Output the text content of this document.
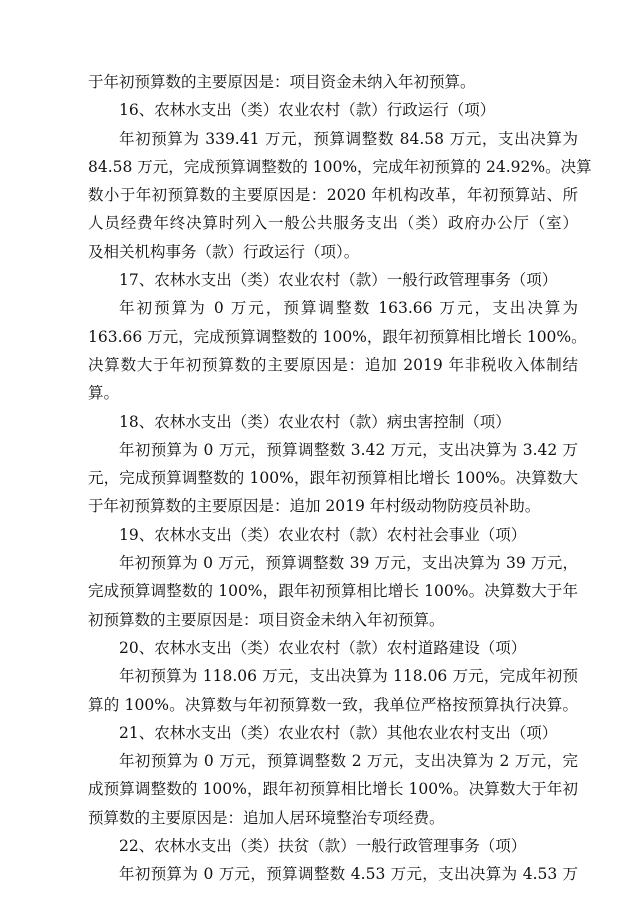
于年初预算数的主要原因是：项目资金未纳入年初预算。
16、农林水支出（类）农业农村（款）行政运行（项）
年初预算为 339.41 万元，预算调整数 84.58 万元，支出决算为
84.58 万元，完成预算调整数的 100%，完成年初预算的 24.92%。决算
数小于年初预算数的主要原因是：2020 年机构改革，年初预算站、所
人员经费年终决算时列入一般公共服务支出（类）政府办公厅（室）
及相关机构事务（款）行政运行（项）。
17、农林水支出（类）农业农村（款）一般行政管理事务（项）
年初预算为 0 万元，预算调整数 163.66 万元，支出决算为
163.66 万元，完成预算调整数的 100%，跟年初预算相比增长 100%。
决算数大于年初预算数的主要原因是：追加 2019 年非税收入体制结
算。
18、农林水支出（类）农业农村（款）病虫害控制（项）
年初预算为 0 万元，预算调整数 3.42 万元，支出决算为 3.42 万
元，完成预算调整数的 100%，跟年初预算相比增长 100%。决算数大
于年初预算数的主要原因是：追加 2019 年村级动物防疫员补助。
19、农林水支出（类）农业农村（款）农村社会事业（项）
年初预算为 0 万元，预算调整数 39 万元，支出决算为 39 万元，
完成预算调整数的 100%，跟年初预算相比增长 100%。决算数大于年
初预算数的主要原因是：项目资金未纳入年初预算。
20、农林水支出（类）农业农村（款）农村道路建设（项）
年初预算为 118.06 万元，支出决算为 118.06 万元，完成年初预
算的 100%。决算数与年初预算数一致，我单位严格按预算执行决算。
21、农林水支出（类）农业农村（款）其他农业农村支出（项）
年初预算为 0 万元，预算调整数 2 万元，支出决算为 2 万元，完
成预算调整数的 100%，跟年初预算相比增长 100%。决算数大于年初
预算数的主要原因是：追加人居环境整治专项经费。
22、农林水支出（类）扶贫（款）一般行政管理事务（项）
年初预算为 0 万元，预算调整数 4.53 万元，支出决算为 4.53 万
